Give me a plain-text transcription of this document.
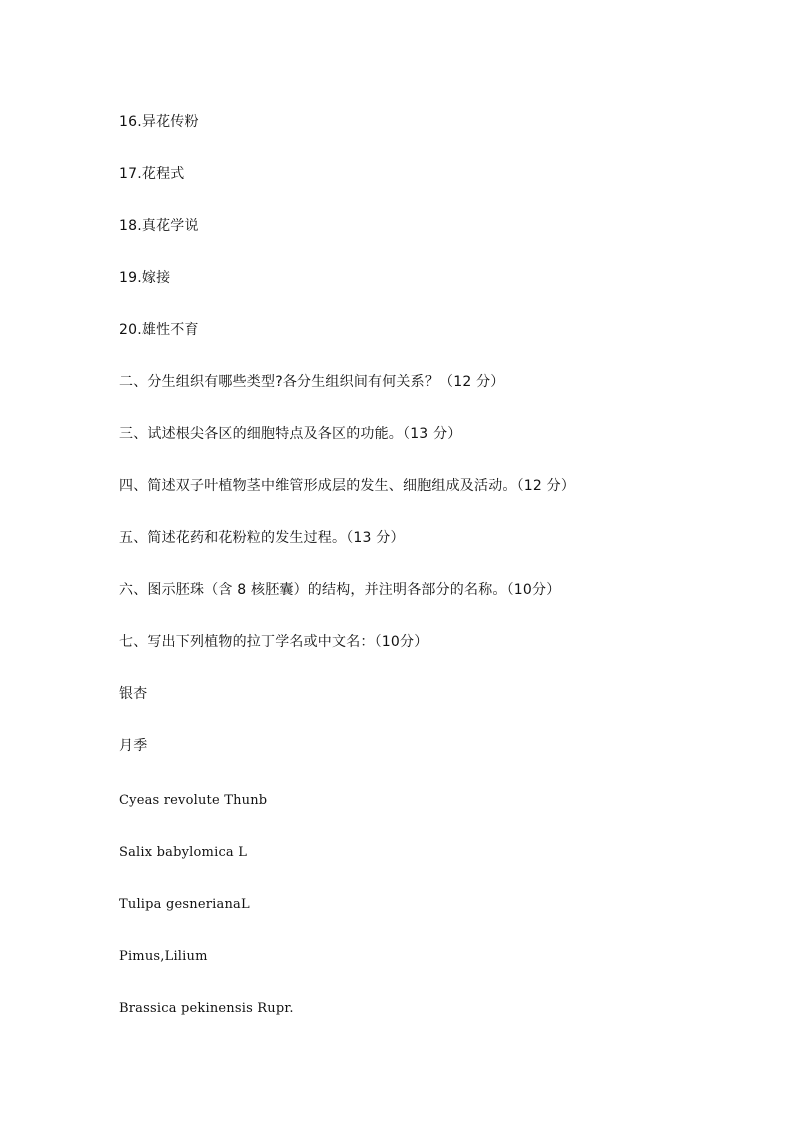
16.异花传粉
17.花程式
18.真花学说
19.嫁接
20.雄性不育
二、分生组织有哪些类型?各分生组织间有何关系？（12 分）
三、试述根尖各区的细胞特点及各区的功能。（13 分）
四、简述双子叶植物茎中维管形成层的发生、细胞组成及活动。（12 分）
五、简述花药和花粉粒的发生过程。（13 分）
六、图示胚珠（含 8 核胚囊）的结构，并注明各部分的名称。（10分）
七、写出下列植物的拉丁学名或中文名：（10分）
银杏
月季
Cyeas revolute Thunb
Salix babylomica L
Tulipa gesnerianaL
Pimus,Lilium
Brassica pekinensis Rupr.
